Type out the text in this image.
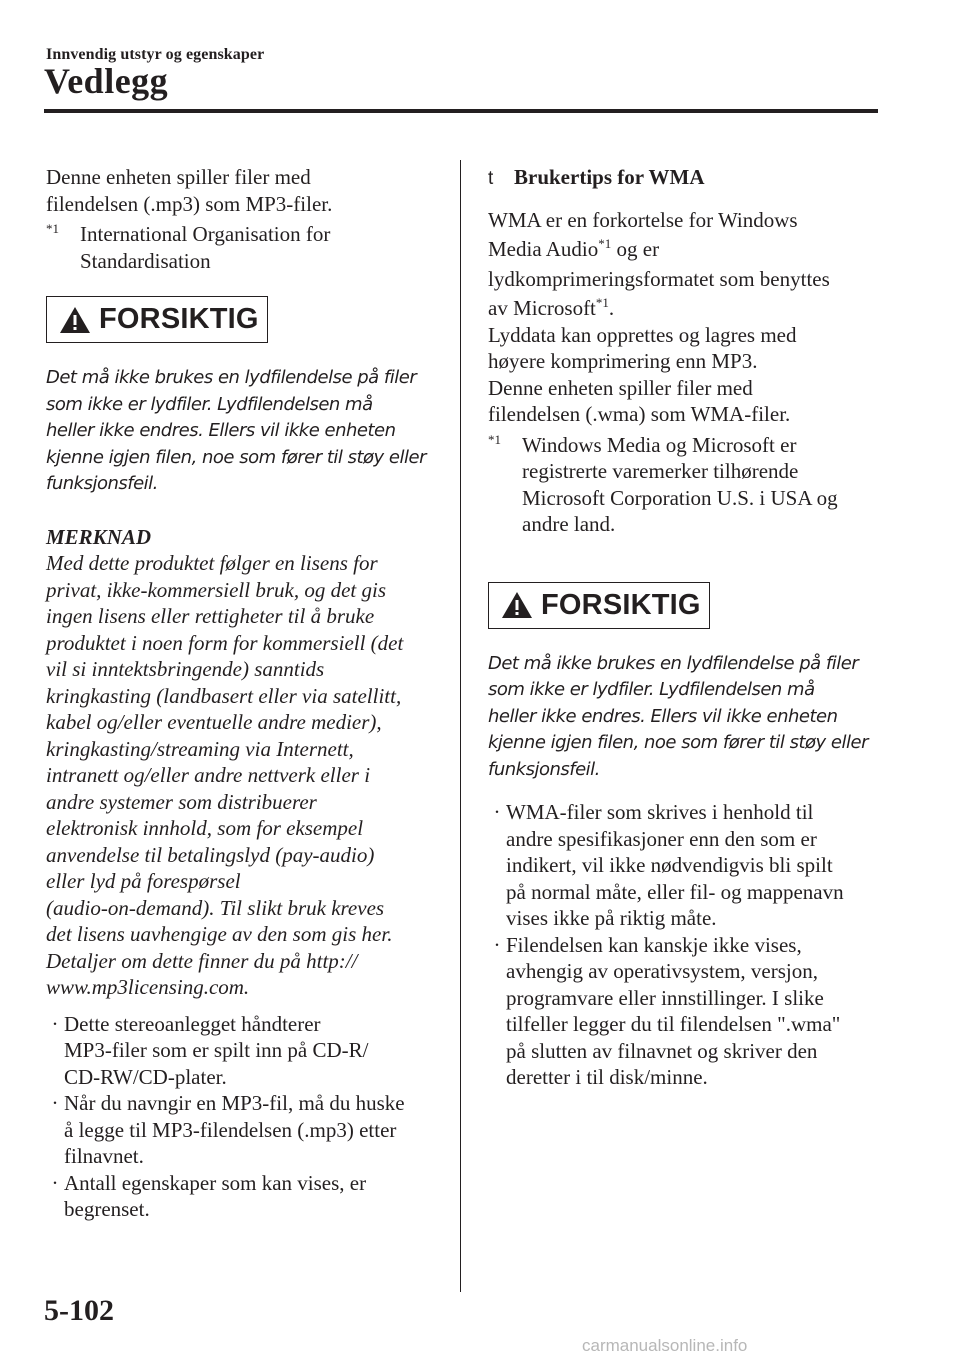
Innvendig utstyr og egenskaper
Vedlegg

Denne enheten spiller filer med

filendelsen (.mp3) som MP3-filer.

$^{*1}$	International Organisation for
Standardisation
FORSIKTIG
Det må ikke brukes en lydfilendelse på filer
som ikke er lydfiler. Lydfilendelsen må
heller ikke endres. Ellers vil ikke enheten
kjenne igjen filen, noe som fører til støy eller
funksjonsfeil.
MERKNAD
Med dette produktet følger en lisens for
privat, ikke-kommersiell bruk, og det gis
ingen lisens eller rettigheter til å bruke
produktet i noen form for kommersiell (det
vil si inntektsbringende) sanntids
kringkasting (landbasert eller via satellitt,
kabel og/eller eventuelle andre medier),
kringkasting/streaming via Internett,
intranett og/eller andre nettverk eller i
andre systemer som distribuerer
elektronisk innhold, som for eksempel
anvendelse til betalingslyd (pay-audio)
eller lyd på forespørsel
(audio-on-demand). Til slikt bruk kreves
det lisens uavhengige av den som gis her.
Detaljer om dette finner du på http://
www.mp3licensing.com.
· Dette stereoanlegget håndterer
MP3-filer som er spilt inn på CD-R/
CD-RW/CD-plater.
· Når du navngir en MP3-fil, må du huske
å legge til MP3-filendelsen (.mp3) etter
filnavnet.
· Antall egenskaper som kan vises, er
begrenset.
t Brukertips for WMA

WMA er en forkortelse for Windows

Media Audio$^{*1}$ og er

lydkomprimeringsformatet som benyttes

av Microsoft$^{*1}$.

Lyddata kan opprettes og lagres med

høyere komprimering enn MP3.

Denne enheten spiller filer med

filendelsen (.wma) som WMA-filer.

$^{*1}$	Windows Media og Microsoft er
registrerte varemerker tilhørende
Microsoft Corporation U.S. i USA og
andre land.
FORSIKTIG
Det må ikke brukes en lydfilendelse på filer
som ikke er lydfiler. Lydfilendelsen må
heller ikke endres. Ellers vil ikke enheten
kjenne igjen filen, noe som fører til støy eller
funksjonsfeil.
· WMA-filer som skrives i henhold til
andre spesifikasjoner enn den som er
indikert, vil ikke nødvendigvis bli spilt
på normal måte, eller fil- og mappenavn
vises ikke på riktig måte.
· Filendelsen kan kanskje ikke vises,
avhengig av operativsystem, versjon,
programvare eller innstillinger. I slike
tilfeller legger du til filendelsen ".wma"
på slutten av filnavnet og skriver den
deretter i til disk/minne.
5-102
carmanualsonline.info
